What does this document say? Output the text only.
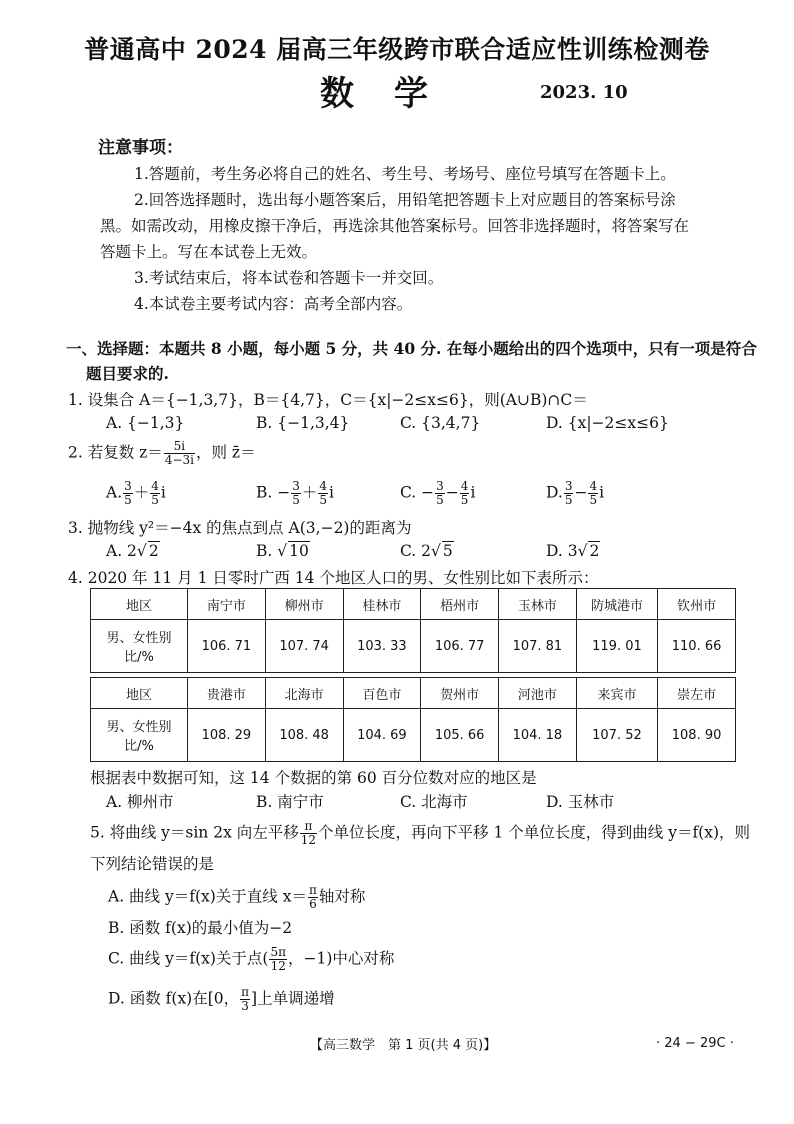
普通高中 2024 届高三年级跨市联合适应性训练检测卷
数学	2023. 10
注意事项：
1.答题前，考生务必将自己的姓名、考生号、考场号、座位号填写在答题卡上。
2.回答选择题时，选出每小题答案后，用铅笔把答题卡上对应题目的答案标号涂
黑。如需改动，用橡皮擦干净后，再选涂其他答案标号。回答非选择题时，将答案写在
答题卡上。写在本试卷上无效。
3.考试结束后，将本试卷和答题卡一并交回。
4.本试卷主要考试内容：高考全部内容。
一、选择题：本题共 8 小题，每小题 5 分，共 40 分. 在每小题给出的四个选项中，只有一项是符合
题目要求的.
1. 设集合 A＝{−1,3,7}，B＝{4,7}，C＝{x|−2≤x≤6}，则(A∪B)∩C＝
A. {−1,3}	B. {−1,3,4}	C. {3,4,7}	D. {x|−2≤x≤6}
2. 若复数 $z= \frac{5i}{4-3i}$ ，则 z̄＝
A. $\frac{3}{5} + \frac{4}{5}$ i	B. − $\frac{3}{5} + \frac{4}{5}$ i	C. − $\frac{3}{5} - \frac{4}{5}$ i	D. $\frac{3}{5} - \frac{4}{5}$ i
3. 抛物线 y²＝−4x 的焦点到点 A(3,−2)的距离为
A. 2√ 2	B. √ 10	C. 2√ 5	D. 3√ 2
4. 2020 年 11 月 1 日零时广西 14 个地区人口的男、女性别比如下表所示：
地区	南宁市	柳州市	桂林市	梧州市	玉林市	防城港市	钦州市
男、女性别
比/%	106. 71	107. 74	103. 33	106. 77	107. 81	119. 01	110. 66

地区	贵港市	北海市	百色市	贺州市	河池市	来宾市	崇左市
男、女性别
比/%	108. 29	108. 48	104. 69	105. 66	104. 18	107. 52	108. 90
根据表中数据可知，这 14 个数据的第 60 百分位数对应的地区是
A. 柳州市	B. 南宁市	C. 北海市	D. 玉林市
5. 将曲线 y＝sin 2x 向左平移 $\frac{\pi}{12}$ 个单位长度，再向下平移 1 个单位长度，得到曲线 y＝f(x)，则
下列结论错误的是
A. 曲线 y＝f(x)关于直线 $x= \frac{\pi}{6}$ 轴对称
B. 函数 f(x)的最小值为−2
C. 曲线 y＝f(x)关于点( $\frac{5\pi}{12}$ ，−1)中心对称
D. 函数 f(x)在[0， $\frac{\pi}{3}$ ]上单调递增
【高三数学　第 1 页(共 4 页)】	· 24 − 29C ·
